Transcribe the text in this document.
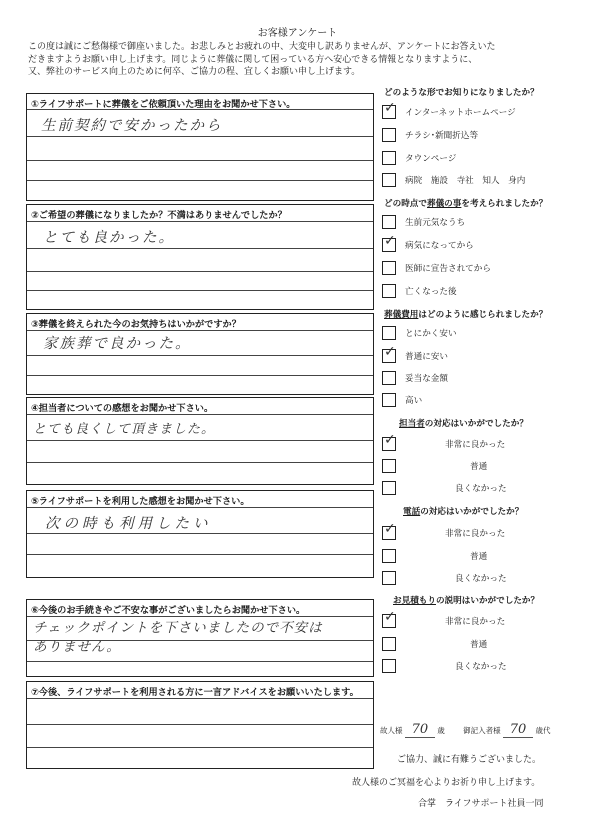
お客様アンケート
この度は誠にご愁傷様で御座いました。お悲しみとお疲れの中、大変申し訳ありませんが、アンケートにお答えいた
だきますようお願い申し上げます。同じように葬儀に関して困っている方へ安心できる情報となりますように、
又、弊社のサービス向上のために何卒、ご協力の程、宜しくお願い申し上げます。
①ライフサポートに葬儀をご依頼頂いた理由をお聞かせ下さい。
生前契約で安かったから
②ご希望の葬儀になりましたか？不満はありませんでしたか？
とても良かった。
③葬儀を終えられた今のお気持ちはいかがですか？
家族葬で良かった。
④担当者についての感想をお聞かせ下さい。
とても良くして頂きました。
⑤ライフサポートを利用した感想をお聞かせ下さい。
次の時も利用したい
⑥今後のお手続きやご不安な事がございましたらお聞かせ下さい。
チェックポイントを下さいましたので不安は
ありません。
⑦今後、ライフサポートを利用される方に一言アドバイスをお願いいたします。
どのような形でお知りになりましたか？
✓ インターネットホームページ
チラシ･新聞折込等
タウンページ
病院　施設　寺社　知人　身内
どの時点で葬儀の事を考えられましたか？
生前元気なうち
✓ 病気になってから
医師に宣告されてから
亡くなった後
葬儀費用はどのように感じられましたか？
とにかく安い
✓ 普通に安い
妥当な金額
高い
担当者の対応はいかがでしたか？
✓	非常に良かった
普通
良くなかった
電話の対応はいかがでしたか？
✓	非常に良かった
普通
良くなかった
お見積もりの説明はいかがでしたか？
✓	非常に良かった
普通
良くなかった
故人様 70 歳 御記入者様 70 歳代
ご協力、誠に有難うございました。
故人様のご冥福を心よりお祈り申し上げます。
合掌　ライフサポート社員一同
